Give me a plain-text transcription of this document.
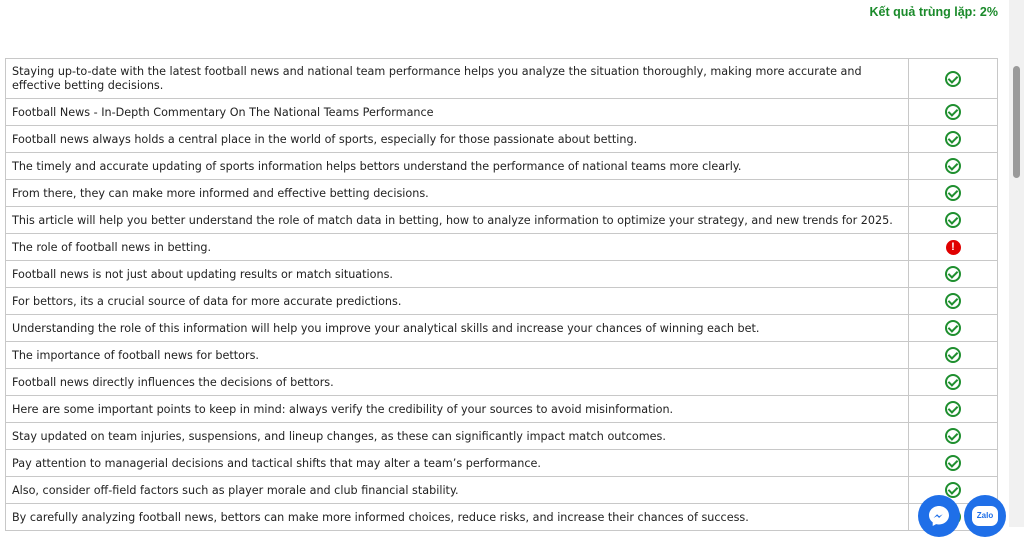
Kết quả trùng lặp: 2%
Staying up-to-date with the latest football news and national team performance helps you analyze the situation thoroughly, making more accurate and effective betting decisions.	
Football News - In-Depth Commentary On The National Teams Performance	
Football news always holds a central place in the world of sports, especially for those passionate about betting.	
The timely and accurate updating of sports information helps bettors understand the performance of national teams more clearly.	
From there, they can make more informed and effective betting decisions.	
This article will help you better understand the role of match data in betting, how to analyze information to optimize your strategy, and new trends for 2025.	
The role of football news in betting.	!
Football news is not just about updating results or match situations.	
For bettors, its a crucial source of data for more accurate predictions.	
Understanding the role of this information will help you improve your analytical skills and increase your chances of winning each bet.	
The importance of football news for bettors.	
Football news directly influences the decisions of bettors.	
Here are some important points to keep in mind: always verify the credibility of your sources to avoid misinformation.	
Stay updated on team injuries, suspensions, and lineup changes, as these can significantly impact match outcomes.	
Pay attention to managerial decisions and tactical shifts that may alter a team’s performance.	
Also, consider off-field factors such as player morale and club financial stability.	
By carefully analyzing football news, bettors can make more informed choices, reduce risks, and increase their chances of success.		Zalo
